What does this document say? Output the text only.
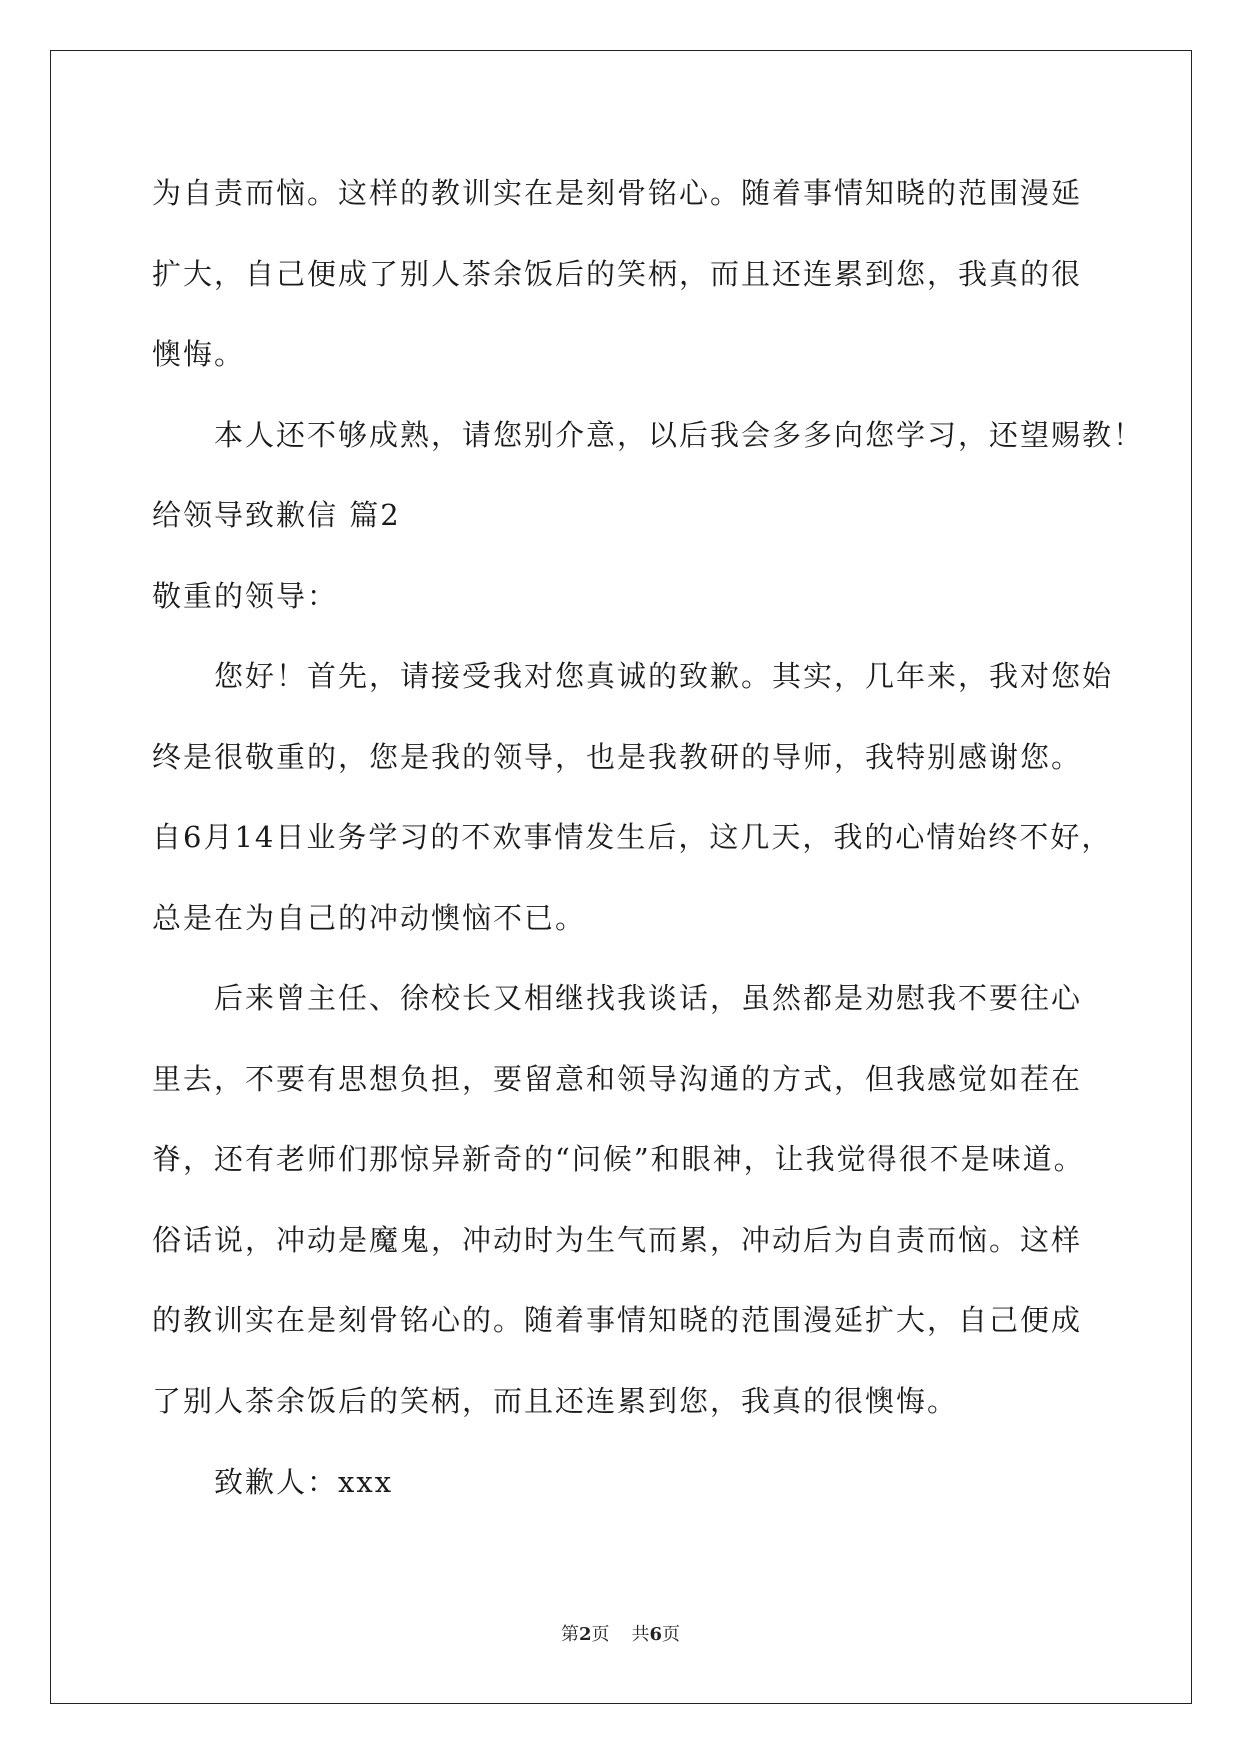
为自责而恼。这样的教训实在是刻骨铭心。随着事情知晓的范围漫延
扩大，自己便成了别人茶余饭后的笑柄，而且还连累到您，我真的很
懊悔。
本人还不够成熟，请您别介意，以后我会多多向您学习，还望赐教！
给领导致歉信 篇2
敬重的领导：
您好！首先，请接受我对您真诚的致歉。其实，几年来，我对您始
终是很敬重的，您是我的领导，也是我教研的导师，我特别感谢您。
自6月14日业务学习的不欢事情发生后，这几天，我的心情始终不好，
总是在为自己的冲动懊恼不已。
后来曾主任、徐校长又相继找我谈话，虽然都是劝慰我不要往心
里去，不要有思想负担，要留意和领导沟通的方式，但我感觉如茬在
脊，还有老师们那惊异新奇的“问候”和眼神，让我觉得很不是味道。
俗话说，冲动是魔鬼，冲动时为生气而累，冲动后为自责而恼。这样
的教训实在是刻骨铭心的。随着事情知晓的范围漫延扩大，自己便成
了别人茶余饭后的笑柄，而且还连累到您，我真的很懊悔。
致歉人：xxx
第2页 共6页
